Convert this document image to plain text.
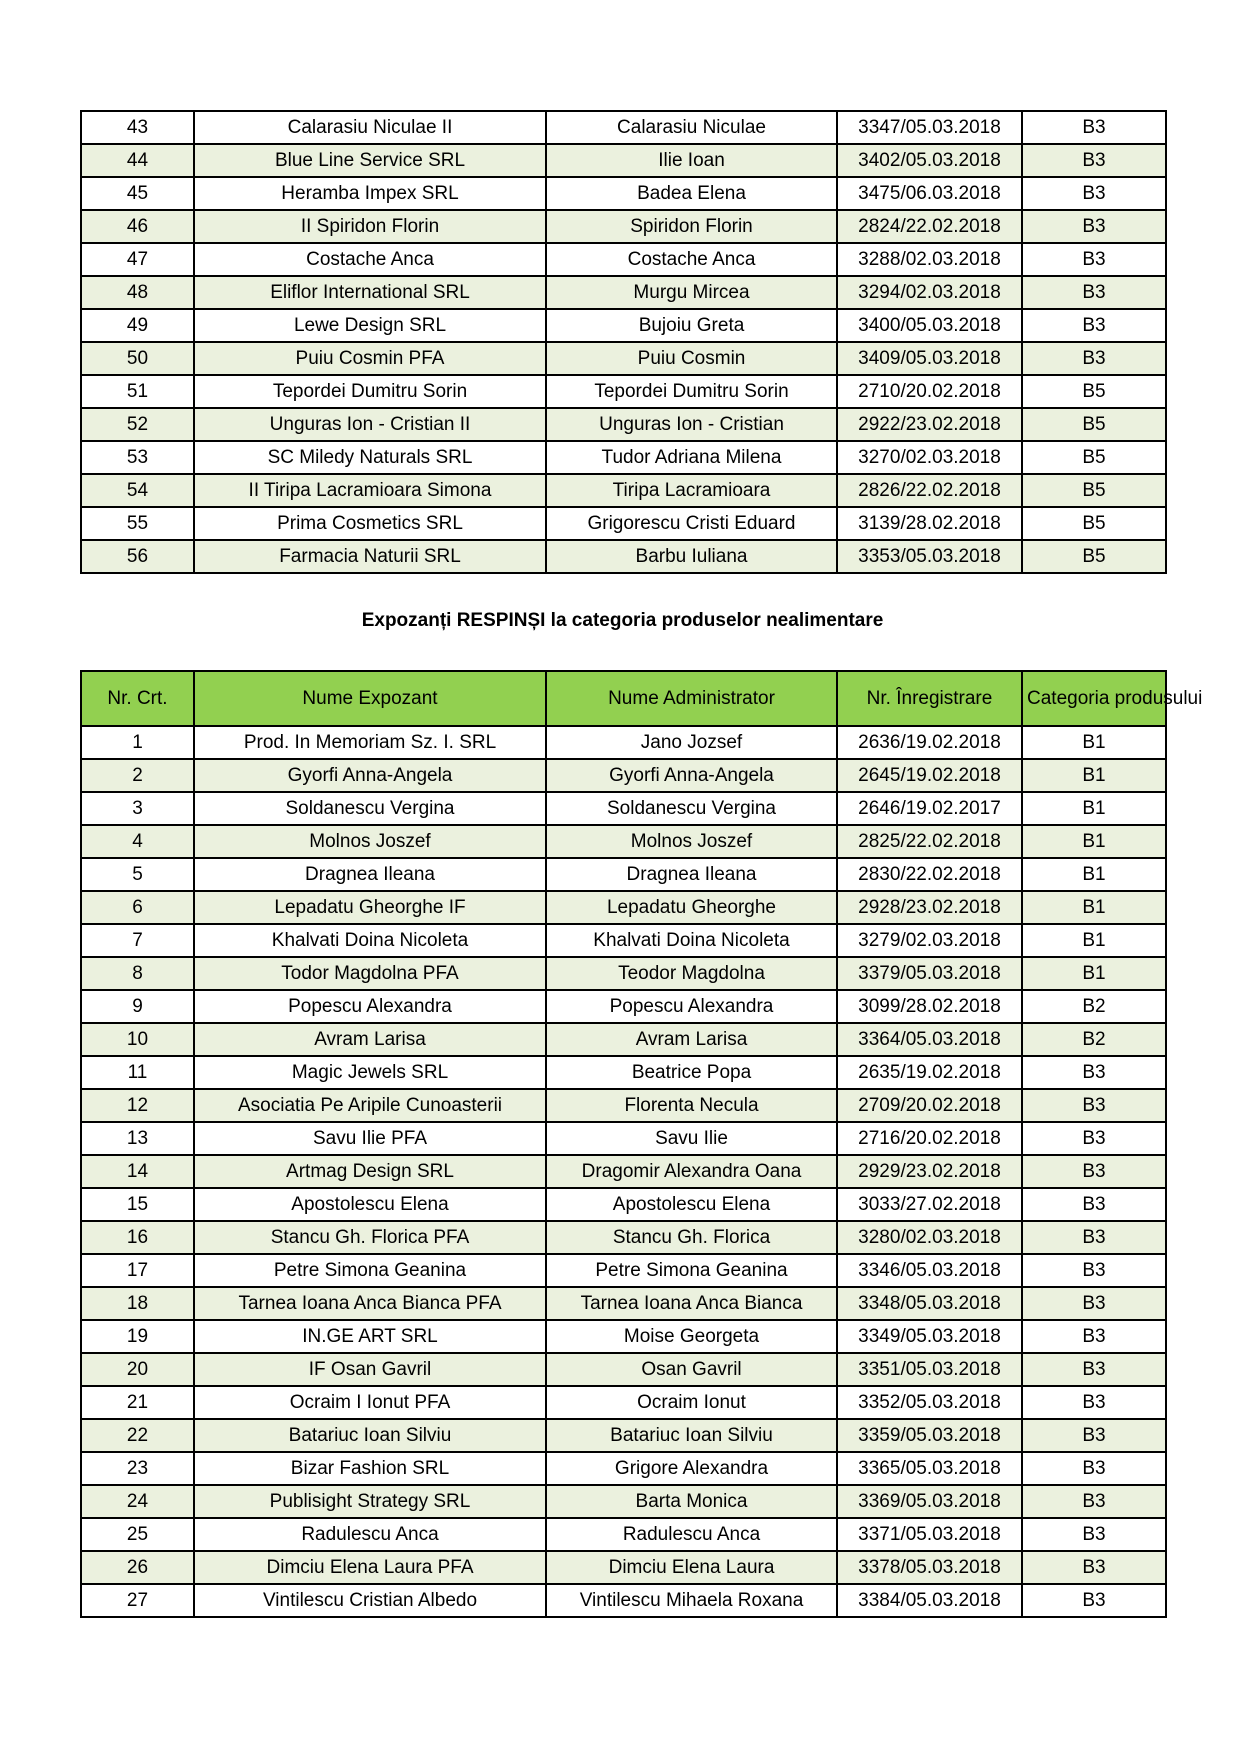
43	Calarasiu Niculae II	Calarasiu Niculae	3347/05.03.2018	B3
44	Blue Line Service SRL	Ilie Ioan	3402/05.03.2018	B3
45	Heramba Impex SRL	Badea Elena	3475/06.03.2018	B3
46	II Spiridon Florin	Spiridon Florin	2824/22.02.2018	B3
47	Costache Anca	Costache Anca	3288/02.03.2018	B3
48	Eliflor International SRL	Murgu Mircea	3294/02.03.2018	B3
49	Lewe Design SRL	Bujoiu Greta	3400/05.03.2018	B3
50	Puiu Cosmin PFA	Puiu Cosmin	3409/05.03.2018	B3
51	Tepordei Dumitru Sorin	Tepordei Dumitru Sorin	2710/20.02.2018	B5
52	Unguras Ion - Cristian II	Unguras Ion - Cristian	2922/23.02.2018	B5
53	SC Miledy Naturals SRL	Tudor Adriana Milena	3270/02.03.2018	B5
54	II Tiripa Lacramioara Simona	Tiripa Lacramioara	2826/22.02.2018	B5
55	Prima Cosmetics SRL	Grigorescu Cristi Eduard	3139/28.02.2018	B5
56	Farmacia Naturii SRL	Barbu Iuliana	3353/05.03.2018	B5
Expozanți RESPINȘI la categoria produselor nealimentare
Nr. Crt.	Nume Expozant	Nume Administrator	Nr. Înregistrare	Categoria produsului
1	Prod. In Memoriam Sz. I. SRL	Jano Jozsef	2636/19.02.2018	B1
2	Gyorfi Anna-Angela	Gyorfi Anna-Angela	2645/19.02.2018	B1
3	Soldanescu Vergina	Soldanescu Vergina	2646/19.02.2017	B1
4	Molnos Joszef	Molnos Joszef	2825/22.02.2018	B1
5	Dragnea Ileana	Dragnea Ileana	2830/22.02.2018	B1
6	Lepadatu Gheorghe IF	Lepadatu Gheorghe	2928/23.02.2018	B1
7	Khalvati Doina Nicoleta	Khalvati Doina Nicoleta	3279/02.03.2018	B1
8	Todor Magdolna PFA	Teodor Magdolna	3379/05.03.2018	B1
9	Popescu Alexandra	Popescu Alexandra	3099/28.02.2018	B2
10	Avram Larisa	Avram Larisa	3364/05.03.2018	B2
11	Magic Jewels SRL	Beatrice Popa	2635/19.02.2018	B3
12	Asociatia Pe Aripile Cunoasterii	Florenta Necula	2709/20.02.2018	B3
13	Savu Ilie PFA	Savu Ilie	2716/20.02.2018	B3
14	Artmag Design SRL	Dragomir Alexandra Oana	2929/23.02.2018	B3
15	Apostolescu Elena	Apostolescu Elena	3033/27.02.2018	B3
16	Stancu Gh. Florica PFA	Stancu Gh. Florica	3280/02.03.2018	B3
17	Petre Simona Geanina	Petre Simona Geanina	3346/05.03.2018	B3
18	Tarnea Ioana Anca Bianca PFA	Tarnea Ioana Anca Bianca	3348/05.03.2018	B3
19	IN.GE ART SRL	Moise Georgeta	3349/05.03.2018	B3
20	IF Osan Gavril	Osan Gavril	3351/05.03.2018	B3
21	Ocraim I Ionut PFA	Ocraim Ionut	3352/05.03.2018	B3
22	Batariuc Ioan Silviu	Batariuc Ioan Silviu	3359/05.03.2018	B3
23	Bizar Fashion SRL	Grigore Alexandra	3365/05.03.2018	B3
24	Publisight Strategy SRL	Barta Monica	3369/05.03.2018	B3
25	Radulescu Anca	Radulescu Anca	3371/05.03.2018	B3
26	Dimciu Elena Laura PFA	Dimciu Elena Laura	3378/05.03.2018	B3
27	Vintilescu Cristian Albedo	Vintilescu Mihaela Roxana	3384/05.03.2018	B3
